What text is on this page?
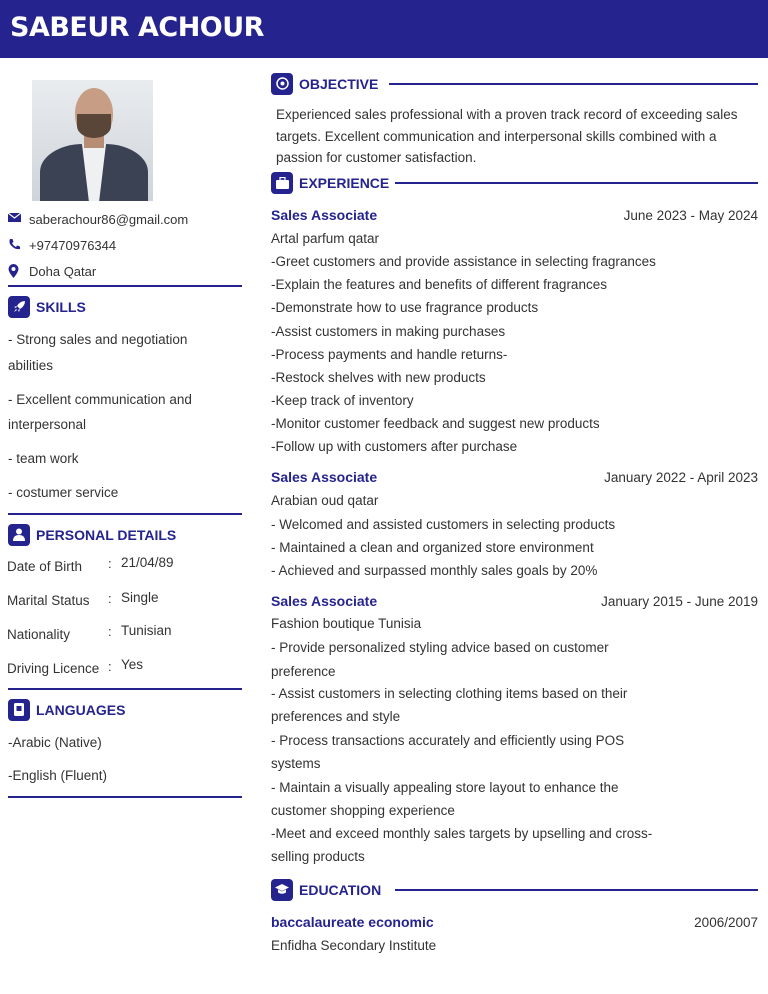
SABEUR ACHOUR
saberachour86@gmail.com
+97470976344
Doha Qatar
SKILLS
- Strong sales and negotiation
abilities
- Excellent communication and
interpersonal
- team work
- costumer service
PERSONAL DETAILS
Date of Birth : 21/04/89
Marital Status : Single
Nationality	: Tunisian
Driving Licence : Yes
LANGUAGES
-Arabic (Native)
-English (Fluent)
OBJECTIVE
Experienced sales professional with a proven track record of exceeding sales targets. Excellent communication and interpersonal skills combined with a passion for customer satisfaction.
EXPERIENCE
Sales Associate	June 2023 - May 2024
Artal parfum qatar
-Greet customers and provide assistance in selecting fragrances
-Explain the features and benefits of different fragrances
-Demonstrate how to use fragrance products
-Assist customers in making purchases
-Process payments and handle returns-
-Restock shelves with new products
-Keep track of inventory
-Monitor customer feedback and suggest new products
-Follow up with customers after purchase
Sales Associate	January 2022 - April 2023
Arabian oud qatar
- Welcomed and assisted customers in selecting products
- Maintained a clean and organized store environment
- Achieved and surpassed monthly sales goals by 20%
Sales Associate	January 2015 - June 2019
Fashion boutique Tunisia
- Provide personalized styling advice based on customer
preference
- Assist customers in selecting clothing items based on their
preferences and style
- Process transactions accurately and efficiently using POS
systems
- Maintain a visually appealing store layout to enhance the
customer shopping experience
-Meet and exceed monthly sales targets by upselling and cross-
selling products
EDUCATION
baccalaureate economic	2006/2007
Enfidha Secondary Institute
